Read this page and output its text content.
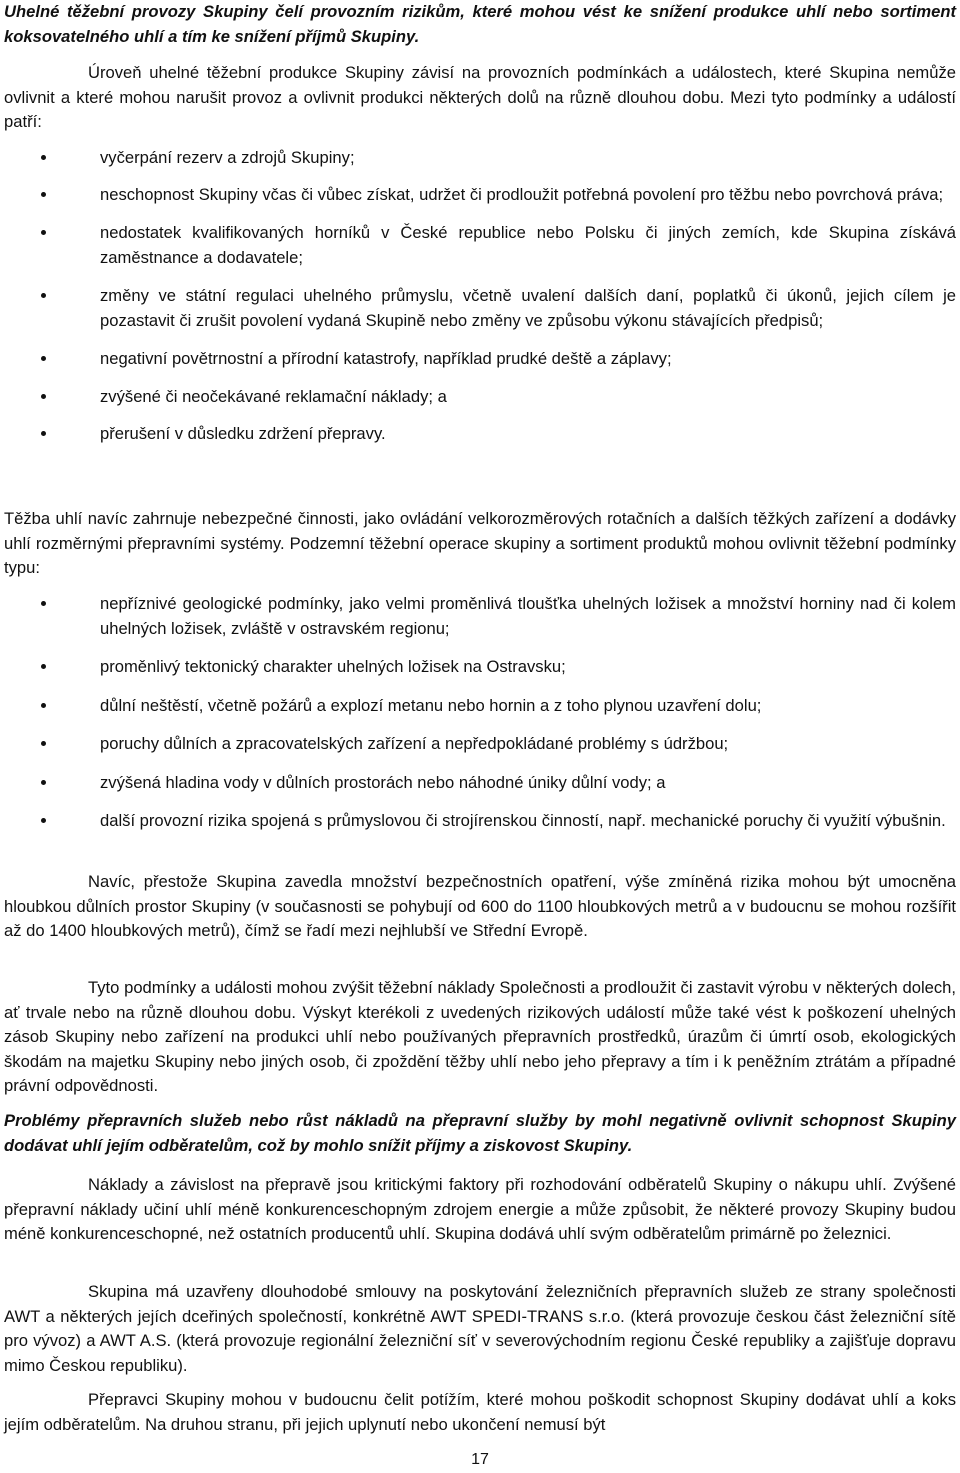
Uhelné těžební provozy Skupiny čelí provozním rizikům, které mohou vést ke snížení produkce uhlí nebo sortiment koksovatelného uhlí a tím ke snížení příjmů Skupiny.

Úroveň uhelné těžební produkce Skupiny závisí na provozních podmínkách a událostech, které Skupina nemůže ovlivnit a které mohou narušit provoz a ovlivnit produkci některých dolů na různě dlouhou dobu. Mezi tyto podmínky a událostí patří:

vyčerpání rezerv a zdrojů Skupiny;
neschopnost Skupiny včas či vůbec získat, udržet či prodloužit potřebná povolení pro těžbu nebo povrchová práva;
nedostatek kvalifikovaných horníků v České republice nebo Polsku či jiných zemích, kde Skupina získává zaměstnance a dodavatele;
změny ve státní regulaci uhelného průmyslu, včetně uvalení dalších daní, poplatků či úkonů, jejich cílem je pozastavit či zrušit povolení vydaná Skupině nebo změny ve způsobu výkonu stávajících předpisů;
negativní povětrnostní a přírodní katastrofy, například prudké deště a záplavy;
zvýšené či neočekávané reklamační náklady; a
přerušení v důsledku zdržení přepravy.

Těžba uhlí navíc zahrnuje nebezpečné činnosti, jako ovládání velkorozměrových rotačních a dalších těžkých zařízení a dodávky uhlí rozměrnými přepravními systémy. Podzemní těžební operace skupiny a sortiment produktů mohou ovlivnit těžební podmínky typu:

nepříznivé geologické podmínky, jako velmi proměnlivá tloušťka uhelných ložisek a množství horniny nad či kolem uhelných ložisek, zvláště v ostravském regionu;
proměnlivý tektonický charakter uhelných ložisek na Ostravsku;
důlní neštěstí, včetně požárů a explozí metanu nebo hornin a z toho plynou uzavření dolu;
poruchy důlních a zpracovatelských zařízení a nepředpokládané problémy s údržbou;
zvýšená hladina vody v důlních prostorách nebo náhodné úniky důlní vody; a
další provozní rizika spojená s průmyslovou či strojírenskou činností, např. mechanické poruchy či využití výbušnin.

Navíc, přestože Skupina zavedla množství bezpečnostních opatření, výše zmíněná rizika mohou být umocněna hloubkou důlních prostor Skupiny (v současnosti se pohybují od 600 do 1100 hloubkových metrů a v budoucnu se mohou rozšířit až do 1400 hloubkových metrů), čímž se řadí mezi nejhlubší ve Střední Evropě.

Tyto podmínky a události mohou zvýšit těžební náklady Společnosti a prodloužit či zastavit výrobu v některých dolech, ať trvale nebo na různě dlouhou dobu. Výskyt kterékoli z uvedených rizikových událostí může také vést k poškození uhelných zásob Skupiny nebo zařízení na produkci uhlí nebo používaných přepravních prostředků, úrazům či úmrtí osob, ekologických škodám na majetku Skupiny nebo jiných osob, či zpoždění těžby uhlí nebo jeho přepravy a tím i k peněžním ztrátám a případné právní odpovědnosti.

Problémy přepravních služeb nebo růst nákladů na přepravní služby by mohl negativně ovlivnit schopnost Skupiny dodávat uhlí jejím odběratelům, což by mohlo snížit příjmy a ziskovost Skupiny.

Náklady a závislost na přepravě jsou kritickými faktory při rozhodování odběratelů Skupiny o nákupu uhlí. Zvýšené přepravní náklady učiní uhlí méně konkurenceschopným zdrojem energie a může způsobit, že některé provozy Skupiny budou méně konkurenceschopné, než ostatních producentů uhlí. Skupina dodává uhlí svým odběratelům primárně po železnici.

Skupina má uzavřeny dlouhodobé smlouvy na poskytování železničních přepravních služeb ze strany společnosti AWT a některých jejích dceřiných společností, konkrétně AWT SPEDI-TRANS s.r.o. (která provozuje českou část železniční sítě pro vývoz) a AWT A.S. (která provozuje regionální železniční síť v severovýchodním regionu České republiky a zajišťuje dopravu mimo Českou republiku).

Přepravci Skupiny mohou v budoucnu čelit potížím, které mohou poškodit schopnost Skupiny dodávat uhlí a koks jejím odběratelům. Na druhou stranu, při jejich uplynutí nebo ukončení nemusí být

17
